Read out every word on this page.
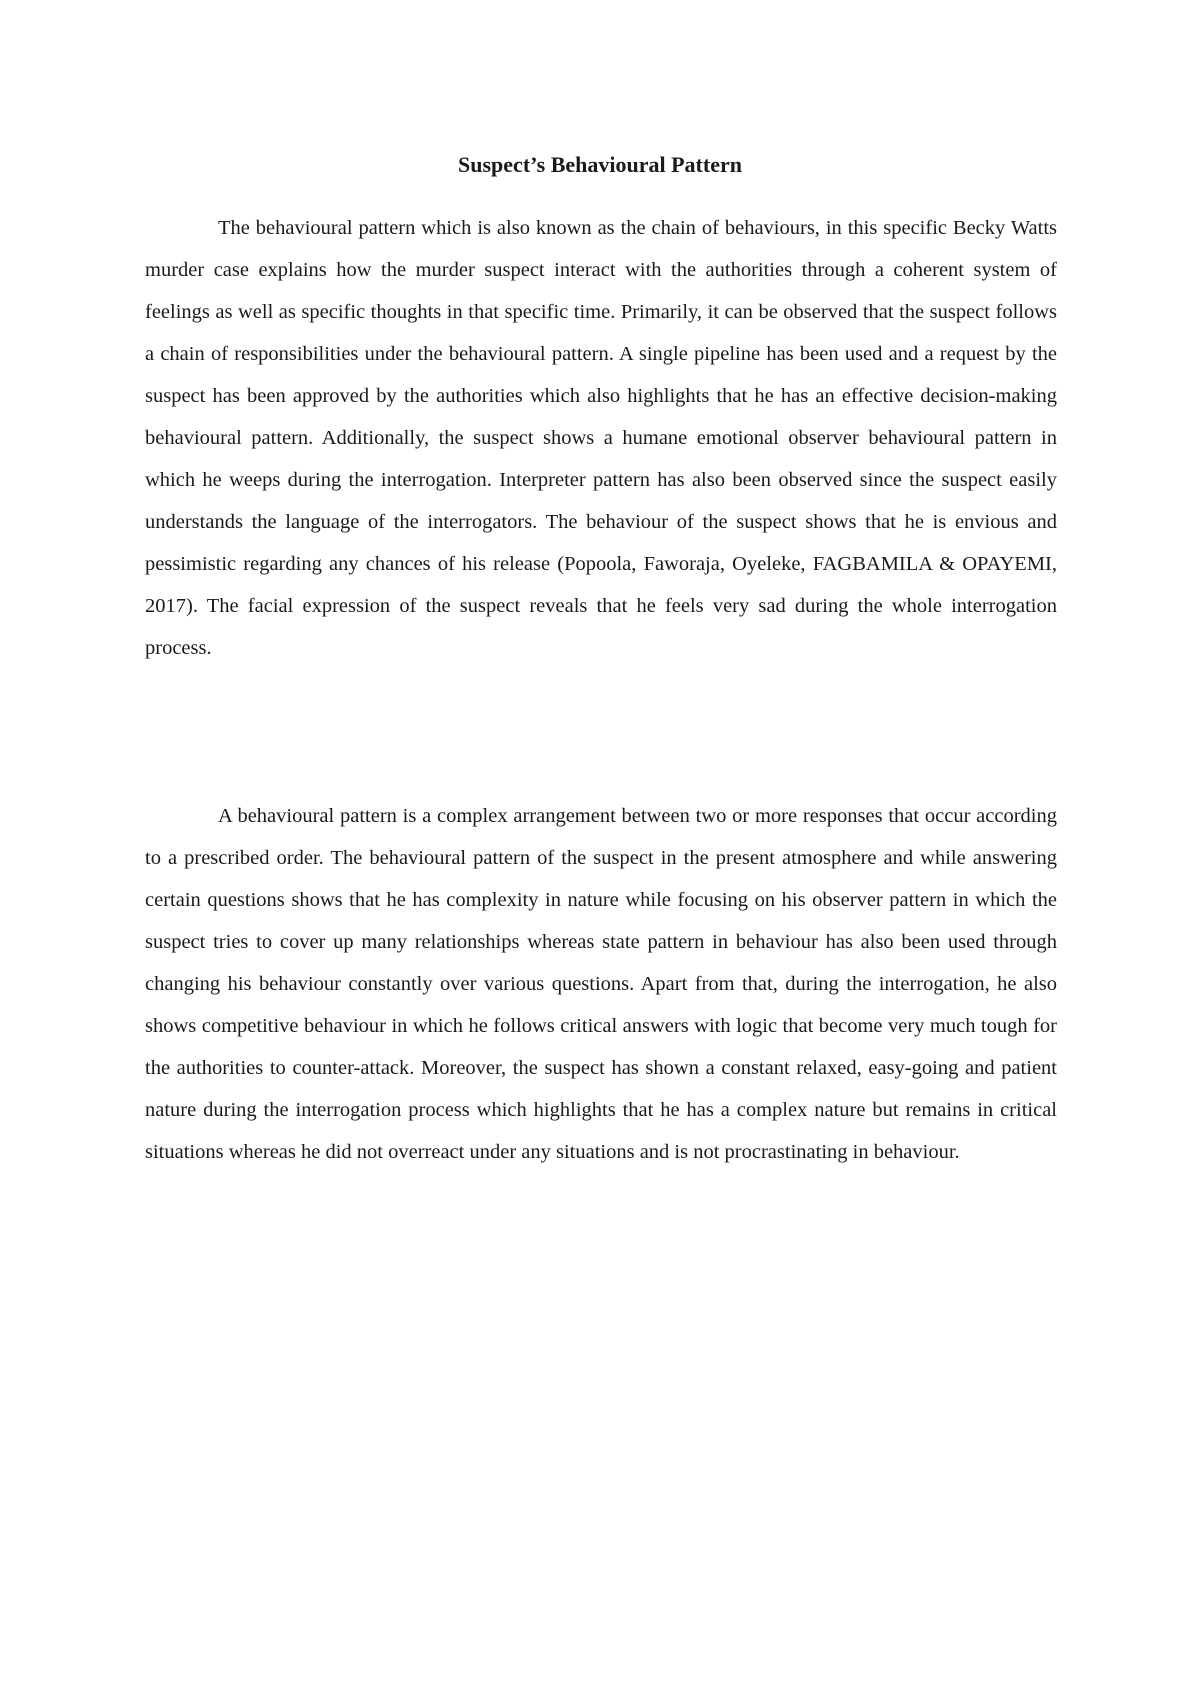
Suspect’s Behavioural Pattern

The behavioural pattern which is also known as the chain of behaviours, in this specific Becky Watts murder case explains how the murder suspect interact with the authorities through a coherent system of feelings as well as specific thoughts in that specific time. Primarily, it can be observed that the suspect follows a chain of responsibilities under the behavioural pattern. A single pipeline has been used and a request by the suspect has been approved by the authorities which also highlights that he has an effective decision-making behavioural pattern. Additionally, the suspect shows a humane emotional observer behavioural pattern in which he weeps during the interrogation. Interpreter pattern has also been observed since the suspect easily understands the language of the interrogators. The behaviour of the suspect shows that he is envious and pessimistic regarding any chances of his release (Popoola, Faworaja, Oyeleke, FAGBAMILA & OPAYEMI, 2017). The facial expression of the suspect reveals that he feels very sad during the whole interrogation process.

A behavioural pattern is a complex arrangement between two or more responses that occur according to a prescribed order. The behavioural pattern of the suspect in the present atmosphere and while answering certain questions shows that he has complexity in nature while focusing on his observer pattern in which the suspect tries to cover up many relationships whereas state pattern in behaviour has also been used through changing his behaviour constantly over various questions. Apart from that, during the interrogation, he also shows competitive behaviour in which he follows critical answers with logic that become very much tough for the authorities to counter-attack. Moreover, the suspect has shown a constant relaxed, easy-going and patient nature during the interrogation process which highlights that he has a complex nature but remains in critical situations whereas he did not overreact under any situations and is not procrastinating in behaviour.
